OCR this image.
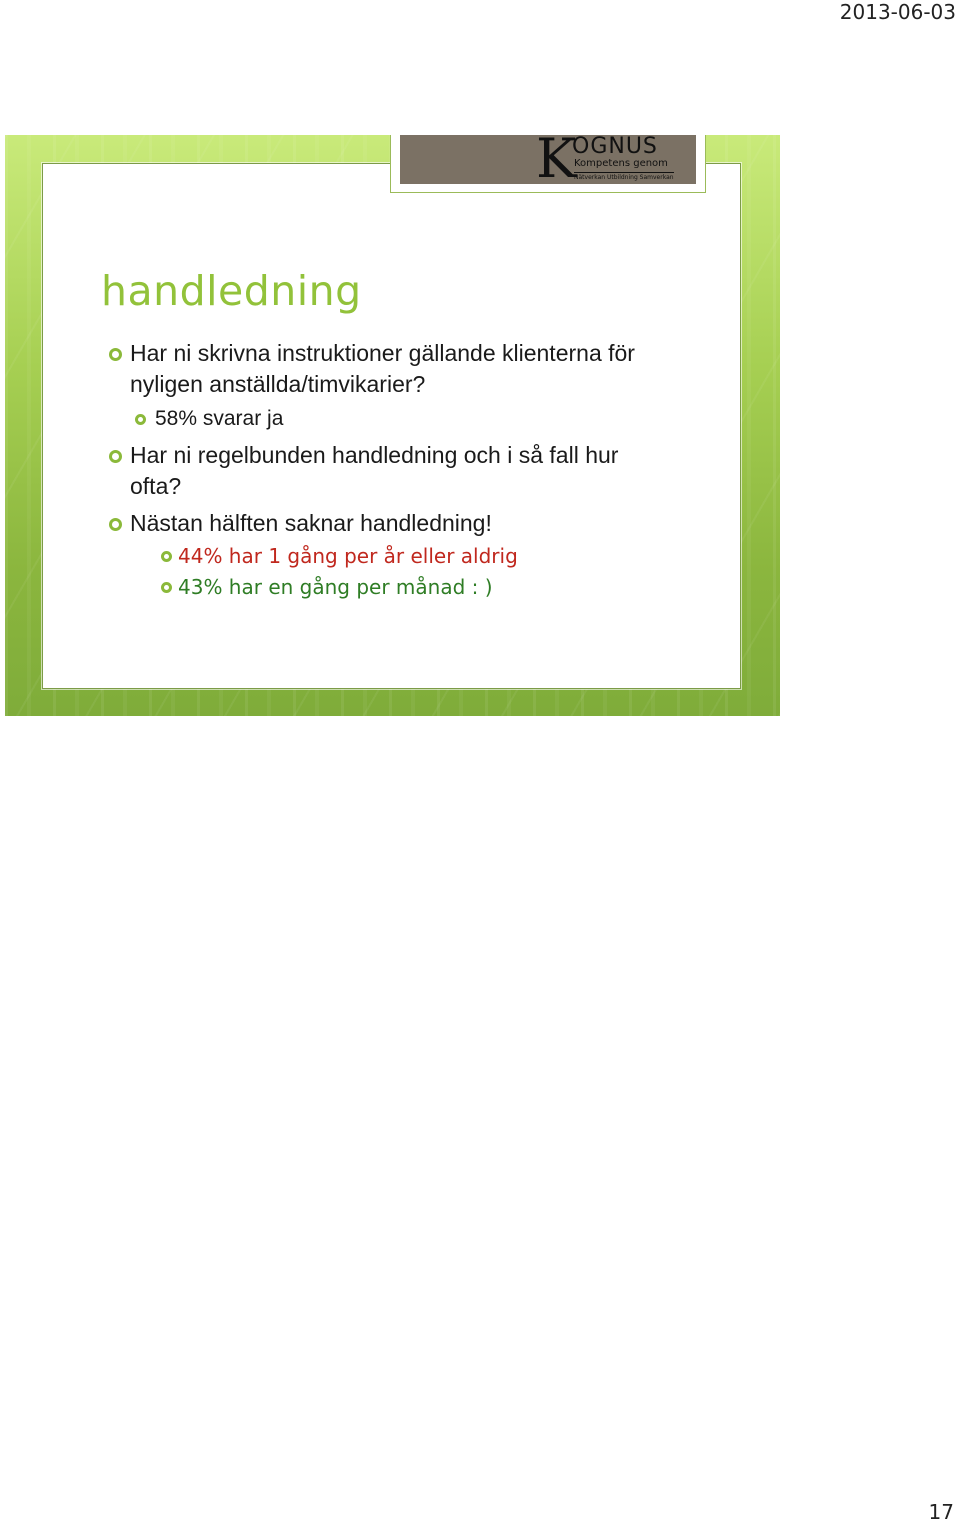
2013-06-03
K
OGNUS
Kompetens genom
Nätverkan Utbildning Samverkan
handledning
Har ni skrivna instruktioner gällande klienterna för nyligen anställda/timvikarier?
58% svarar ja
Har ni regelbunden handledning och i så fall hur ofta?
Nästan hälften saknar handledning!
44% har 1 gång per år eller aldrig
43% har en gång per månad : )
17
